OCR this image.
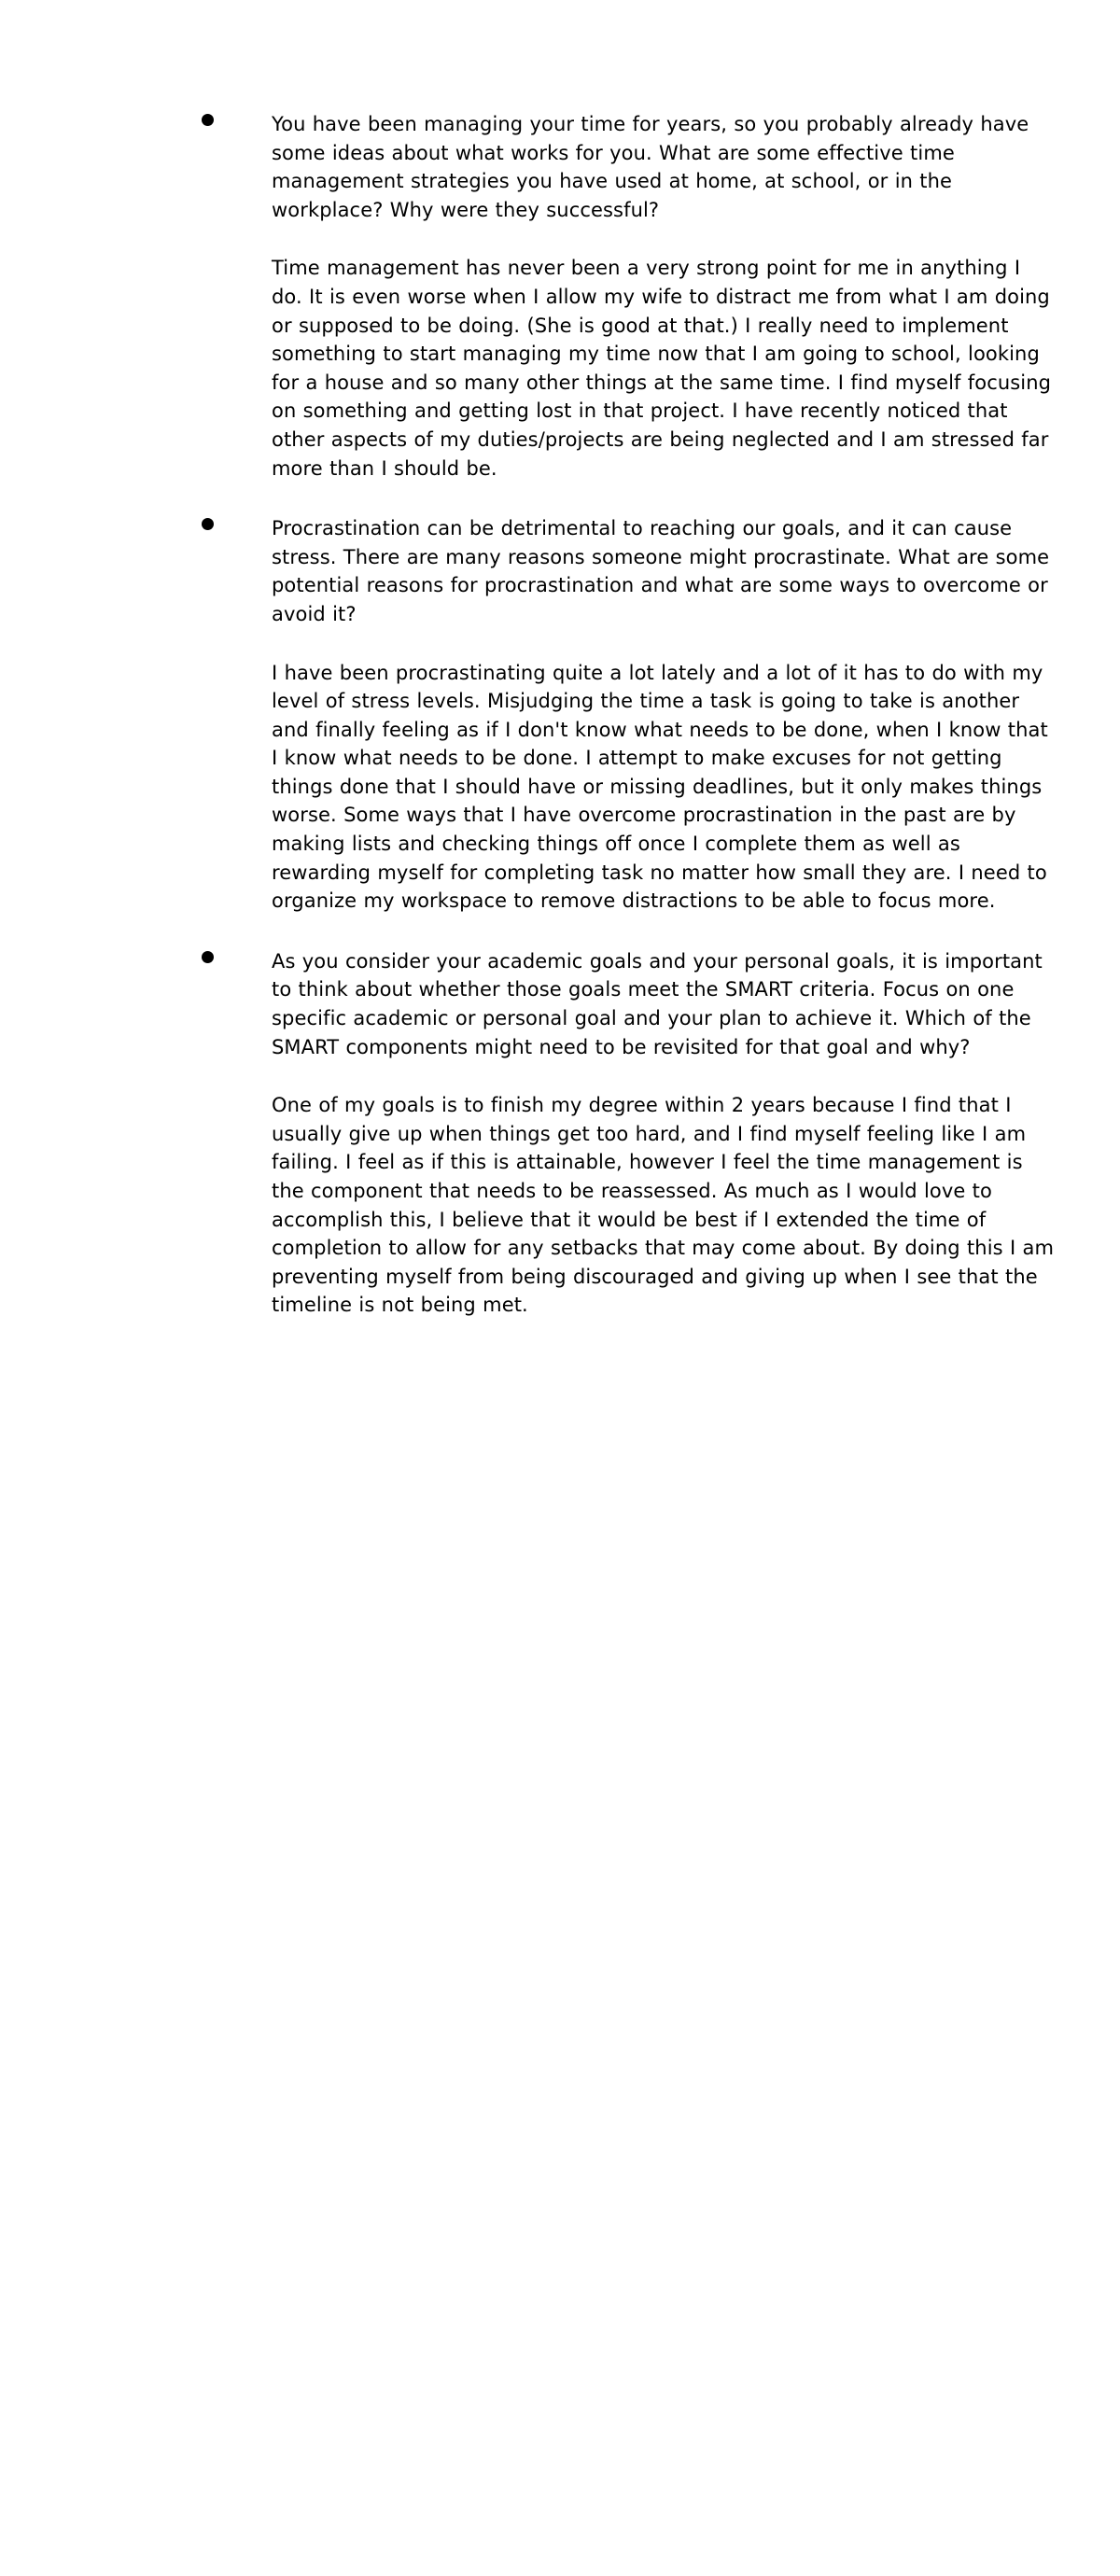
You have been managing your time for years, so you probably already have some ideas about what works for you. What are some effective time management strategies you have used at home, at school, or in the workplace? Why were they successful?

Time management has never been a very strong point for me in anything I do. It is even worse when I allow my wife to distract me from what I am doing or supposed to be doing. (She is good at that.) I really need to implement something to start managing my time now that I am going to school, looking for a house and so many other things at the same time. I find myself focusing on something and getting lost in that project. I have recently noticed that other aspects of my duties/projects are being neglected and I am stressed far more than I should be.

Procrastination can be detrimental to reaching our goals, and it can cause stress. There are many reasons someone might procrastinate. What are some potential reasons for procrastination and what are some ways to overcome or avoid it?

I have been procrastinating quite a lot lately and a lot of it has to do with my level of stress levels. Misjudging the time a task is going to take is another and finally feeling as if I don't know what needs to be done, when I know that I know what needs to be done. I attempt to make excuses for not getting things done that I should have or missing deadlines, but it only makes things worse. Some ways that I have overcome procrastination in the past are by making lists and checking things off once I complete them as well as rewarding myself for completing task no matter how small they are. I need to organize my workspace to remove distractions to be able to focus more.

As you consider your academic goals and your personal goals, it is important to think about whether those goals meet the SMART criteria. Focus on one specific academic or personal goal and your plan to achieve it. Which of the SMART components might need to be revisited for that goal and why?

One of my goals is to finish my degree within 2 years because I find that I usually give up when things get too hard, and I find myself feeling like I am failing. I feel as if this is attainable, however I feel the time management is the component that needs to be reassessed. As much as I would love to accomplish this, I believe that it would be best if I extended the time of completion to allow for any setbacks that may come about. By doing this I am preventing myself from being discouraged and giving up when I see that the timeline is not being met.
